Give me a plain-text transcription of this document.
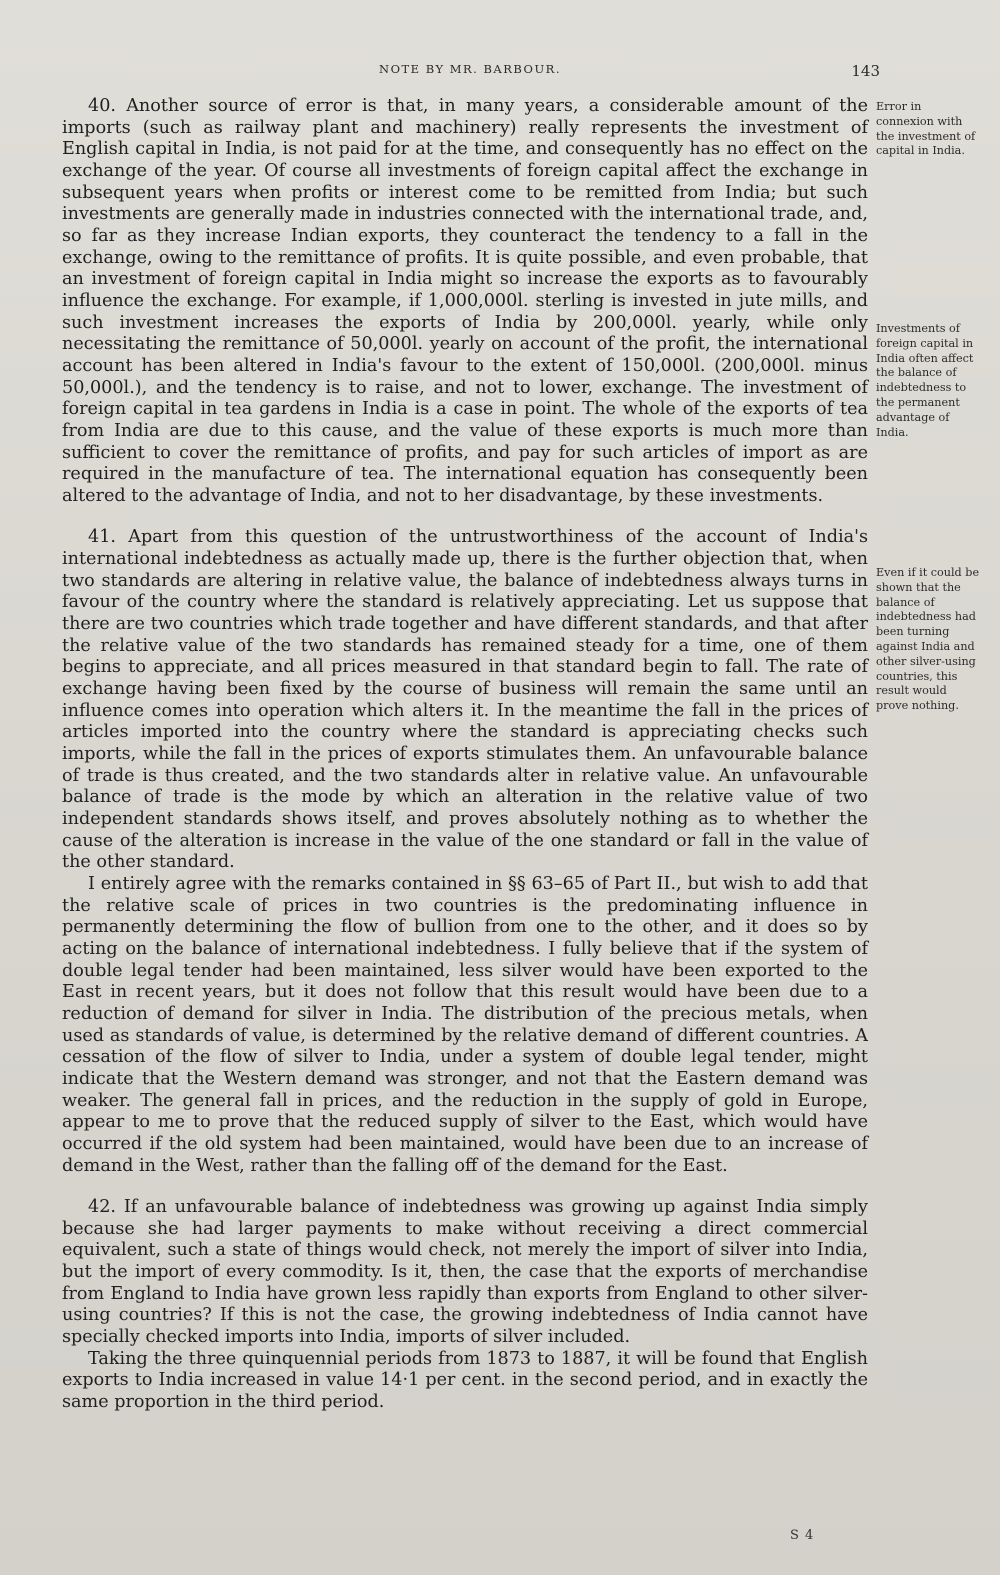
NOTE BY MR. BARBOUR.	143

40. Another source of error is that, in many years, a considerable amount of the imports (such as railway plant and machinery) really represents the investment of English capital in India, is not paid for at the time, and consequently has no effect on the exchange of the year. Of course all investments of foreign capital affect the exchange in subsequent years when profits or interest come to be remitted from India; but such investments are generally made in industries connected with the international trade, and, so far as they increase Indian exports, they counteract the tendency to a fall in the exchange, owing to the remittance of profits. It is quite possible, and even probable, that an investment of foreign capital in India might so increase the exports as to favourably influence the exchange. For example, if 1,000,000l. sterling is invested in jute mills, and such investment increases the exports of India by 200,000l. yearly, while only necessitating the remittance of 50,000l. yearly on account of the profit, the international account has been altered in India's favour to the extent of 150,000l. (200,000l. minus 50,000l.), and the tendency is to raise, and not to lower, exchange. The investment of foreign capital in tea gardens in India is a case in point. The whole of the exports of tea from India are due to this cause, and the value of these exports is much more than sufficient to cover the remittance of profits, and pay for such articles of import as are required in the manufacture of tea. The international equation has consequently been altered to the advantage of India, and not to her disadvantage, by these investments.

41. Apart from this question of the untrustworthiness of the account of India's international indebtedness as actually made up, there is the further objection that, when two standards are altering in relative value, the balance of indebtedness always turns in favour of the country where the standard is relatively appreciating. Let us suppose that there are two countries which trade together and have different standards, and that after the relative value of the two standards has remained steady for a time, one of them begins to appreciate, and all prices measured in that standard begin to fall. The rate of exchange having been fixed by the course of business will remain the same until an influence comes into operation which alters it. In the meantime the fall in the prices of articles imported into the country where the standard is appreciating checks such imports, while the fall in the prices of exports stimulates them. An unfavourable balance of trade is thus created, and the two standards alter in relative value. An unfavourable balance of trade is the mode by which an alteration in the relative value of two independent standards shows itself, and proves absolutely nothing as to whether the cause of the alteration is increase in the value of the one standard or fall in the value of the other standard.

I entirely agree with the remarks contained in §§ 63–65 of Part II., but wish to add that the relative scale of prices in two countries is the predominating influence in permanently determining the flow of bullion from one to the other, and it does so by acting on the balance of international indebtedness. I fully believe that if the system of double legal tender had been maintained, less silver would have been exported to the East in recent years, but it does not follow that this result would have been due to a reduction of demand for silver in India. The distribution of the precious metals, when used as standards of value, is determined by the relative demand of different countries. A cessation of the flow of silver to India, under a system of double legal tender, might indicate that the Western demand was stronger, and not that the Eastern demand was weaker. The general fall in prices, and the reduction in the supply of gold in Europe, appear to me to prove that the reduced supply of silver to the East, which would have occurred if the old system had been maintained, would have been due to an increase of demand in the West, rather than the falling off of the demand for the East.

42. If an unfavourable balance of indebtedness was growing up against India simply because she had larger payments to make without receiving a direct commercial equivalent, such a state of things would check, not merely the import of silver into India, but the import of every commodity. Is it, then, the case that the exports of merchandise from England to India have grown less rapidly than exports from England to other silver-using countries? If this is not the case, the growing indebtedness of India cannot have specially checked imports into India, imports of silver included.

Taking the three quinquennial periods from 1873 to 1887, it will be found that English exports to India increased in value 14·1 per cent. in the second period, and in exactly the same proportion in the third period.

Error in connexion with the investment of capital in India.
Investments of foreign capital in India often affect the balance of indebtedness to the permanent advantage of India.
Even if it could be shown that the balance of indebtedness had been turning against India and other silver-using countries, this result would prove nothing.
S 4
